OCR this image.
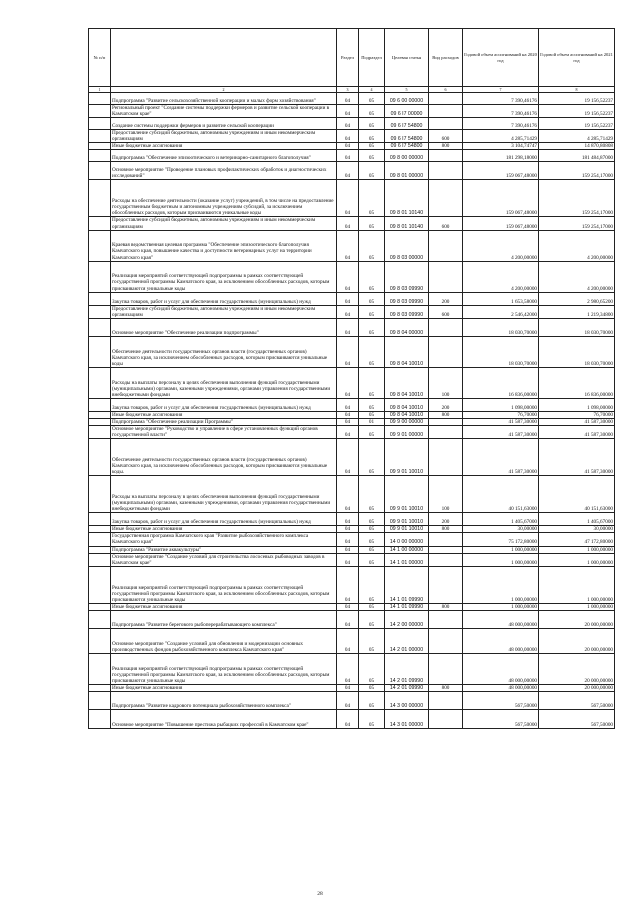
№ п/п		Раздел	Подраздел	Целевая статья	Вид расходов	Годовой объем ассигнований на 2020 год	Годовой объем ассигнований на 2021 год
1	2	3	4	5	6	7	8
	Подпрограмма "Развитие сельскохозяйственной кооперации и малых форм хозяйствования"	04	05	09 6 00 00000		7 390,46176	19 156,52237
	Региональный проект "Создание системы поддержки фермеров и развитие сельской кооперации в Камчатском крае"	04	05	09 6 I7 00000		7 390,46176	19 156,52237
	Создание системы поддержки фермеров и развитие сельской кооперации	04	05	09 6 I7 54800		7 390,46176	19 156,52237
	Предоставление субсидий бюджетным, автономным учреждениям и иным некоммерческим организациям	04	05	09 6 I7 54800	600	4 285,71429	4 285,71429
	Иные бюджетные ассигнования	04	05	09 6 I7 54800	800	3 104,74747	14 870,80808
	Подпрограмма "Обеспечение эпизоотического и ветеринарно-санитарного благополучия"	04	05	09 8 00 00000		181 298,18000	181 484,87000
	Основное мероприятие "Проведение плановых профилактических обработок и диагностических исследований"	04	05	09 8 01 00000		159 067,48000	159 254,17000
	Расходы на обеспечение деятельности (оказание услуг) учреждений, в том числе на предоставление государственным бюджетным и автономным учреждениям субсидий, за исключением обособленных расходов, которым присваиваются уникальные коды	04	05	09 8 01 10140		159 067,48000	159 254,17000
	Предоставление субсидий бюджетным, автономным учреждениям и иным некоммерческим организациям	04	05	09 8 01 10140	600	159 067,48000	159 254,17000
	Краевая ведомственная целевая программа "Обеспечение эпизоотического благополучия Камчатского края, повышение качества и доступности ветеринарных услуг на территории Камчатского края"	04	05	09 8 03 00000		4 200,00000	4 200,00000
	Реализация мероприятий соответствующей подпрограммы в рамках соответствующей государственной программы Камчатского края, за исключением обособленных расходов, которым присваиваются уникальные коды	04	05	09 8 03 09990		4 200,00000	4 200,00000
	Закупка товаров, работ и услуг для обеспечения государственных (муниципальных) нужд	04	05	09 8 03 09990	200	1 653,58000	2 980,65200
	Предоставление субсидий бюджетным, автономным учреждениям и иным некоммерческим организациям	04	05	09 8 03 09990	600	2 546,42000	1 219,34800
	Основное мероприятие "Обеспечение реализации подпрограммы"	04	05	09 8 04 00000		18 030,70000	18 030,70000
	Обеспечение деятельности государственных органов власти (государственных органов) Камчатского края, за исключением обособленных расходов, которым присваиваются уникальные коды	04	05	09 8 04 10010		18 030,70000	18 030,70000
	Расходы на выплаты персоналу в целях обеспечения выполнения функций государственными (муниципальными) органами, казенными учреждениями, органами управления государственными внебюджетными фондами	04	05	09 8 04 10010	100	16 836,00000	16 836,00000
	Закупка товаров, работ и услуг для обеспечения государственных (муниципальных) нужд	04	05	09 8 04 10010	200	1 098,00000	1 098,00000
	Иные бюджетные ассигнования	04	05	09 8 04 10010	800	76,70000	76,70000
	Подпрограмма "Обеспечение реализации Программы"	04	01	09 9 00 00000		41 587,30000	41 587,30000
	Основное мероприятие "Руководство и управление в сфере установленных функций органов государственной власти"	04	05	09 9 01 00000		41 587,30000	41 587,30000
	Обеспечение деятельности государственных органов власти (государственных органов) Камчатского края, за исключением обособленных расходов, которым присваиваются уникальные коды.	04	05	09 9 01 10010		41 587,30000	41 587,30000
	Расходы на выплаты персоналу в целях обеспечения выполнения функций государственными (муниципальными) органами, казенными учреждениями, органами управления государственными внебюджетными фондами	04	05	09 9 01 10010	100	40 151,63000	40 151,63000
	Закупка товаров, работ и услуг для обеспечения государственных (муниципальных) нужд	04	05	09 9 01 10010	200	1 405,67000	1 405,67000
	Иные бюджетные ассигнования	04	05	09 9 01 10010	800	30,00000	30,00000
	Государственная программа Камчатского края "Развитие рыбохозяйственного комплекса Камчатского края"	04	05	14 0 00 00000		75 172,80000	47 172,80000
	Подпрограмма "Развитие аквакультуры"	04	05	14 1 00 00000		1 000,00000	1 000,00000
	Основное мероприятие "Создание условий для строительства лососевых рыбоводных заводов в Камчатском крае"	04	05	14 1 01 00000		1 000,00000	1 000,00000
	Реализация мероприятий соответствующей подпрограммы в рамках соответствующей государственной программы Камчатского края, за исключением обособленных расходов, которым присваиваются уникальные коды	04	05	14 1 01 09990		1 000,00000	1 000,00000
	Иные бюджетные ассигнования	04	05	14 1 01 09990	800	1 000,00000	1 000,00000
	Подпрограмма "Развитие берегового рыбоперерабатывающего комплекса"	04	05	14 2 00 00000		48 000,00000	20 000,00000
	Основное мероприятие "Создание условий для обновления и модернизации основных производственных фондов рыбохозяйственного комплекса Камчатского края"	04	05	14 2 01 00000		48 000,00000	20 000,00000
	Реализация мероприятий соответствующей подпрограммы в рамках соответствующей государственной программы Камчатского края, за исключением обособленных расходов, которым присваиваются уникальные коды	04	05	14 2 01 09990		48 000,00000	20 000,00000
	Иные бюджетные ассигнования	04	05	14 2 01 09990	800	48 000,00000	20 000,00000
	Подпрограмма "Развитие кадрового потенциала рыбохозяйственного комплекса"	04	05	14 3 00 00000		567,50000	567,50000
	Основное мероприятие "Повышение престижа рыбацких профессий в Камчатском крае"	04	05	14 3 01 00000		567,50000	567,50000
28
